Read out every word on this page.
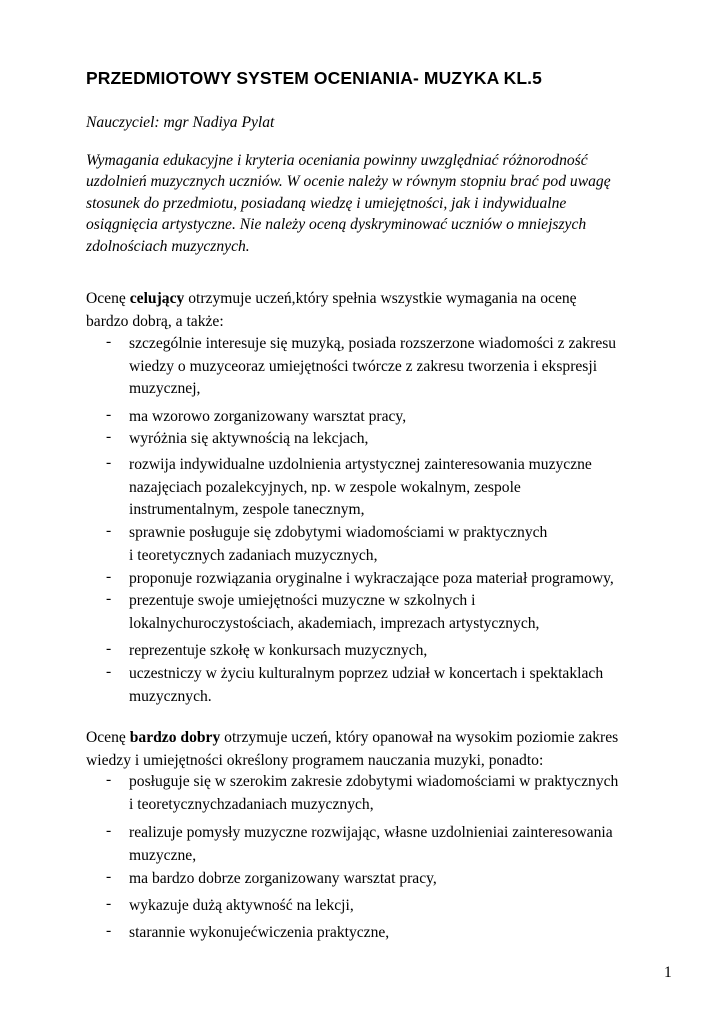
PRZEDMIOTOWY SYSTEM OCENIANIA- MUZYKA KL.5
Nauczyciel: mgr Nadiya Pylat
Wymagania edukacyjne i kryteria oceniania powinny uwzględniać różnorodność
uzdolnień muzycznych uczniów. W ocenie należy w równym stopniu brać pod uwagę
stosunek do przedmiotu, posiadaną wiedzę i umiejętności, jak i indywidualne
osiągnięcia artystyczne. Nie należy oceną dyskryminować uczniów o mniejszych
zdolnościach muzycznych.
Ocenę celujący otrzymuje uczeń,który spełnia wszystkie wymagania na ocenę
bardzo dobrą, a także:
- szczególnie interesuje się muzyką, posiada rozszerzone wiadomości z zakresu
wiedzy o muzyceoraz umiejętności twórcze z zakresu tworzenia i ekspresji
muzycznej,
- ma wzorowo zorganizowany warsztat pracy,
- wyróżnia się aktywnością na lekcjach,
- rozwija indywidualne uzdolnienia artystycznej zainteresowania muzyczne
nazajęciach pozalekcyjnych, np. w zespole wokalnym, zespole
instrumentalnym, zespole tanecznym,
- sprawnie posługuje się zdobytymi wiadomościami w praktycznych
i teoretycznych zadaniach muzycznych,
- proponuje rozwiązania oryginalne i wykraczające poza materiał programowy,
- prezentuje swoje umiejętności muzyczne w szkolnych i
lokalnychuroczystościach, akademiach, imprezach artystycznych,
- reprezentuje szkołę w konkursach muzycznych,
- uczestniczy w życiu kulturalnym poprzez udział w koncertach i spektaklach
muzycznych.
Ocenę bardzo dobry otrzymuje uczeń, który opanował na wysokim poziomie zakres
wiedzy i umiejętności określony programem nauczania muzyki, ponadto:
- posługuje się w szerokim zakresie zdobytymi wiadomościami w praktycznych
i teoretycznychzadaniach muzycznych,
- realizuje pomysły muzyczne rozwijając, własne uzdolnieniai zainteresowania
muzyczne,
- ma bardzo dobrze zorganizowany warsztat pracy,
- wykazuje dużą aktywność na lekcji,
- starannie wykonujećwiczenia praktyczne,
1
